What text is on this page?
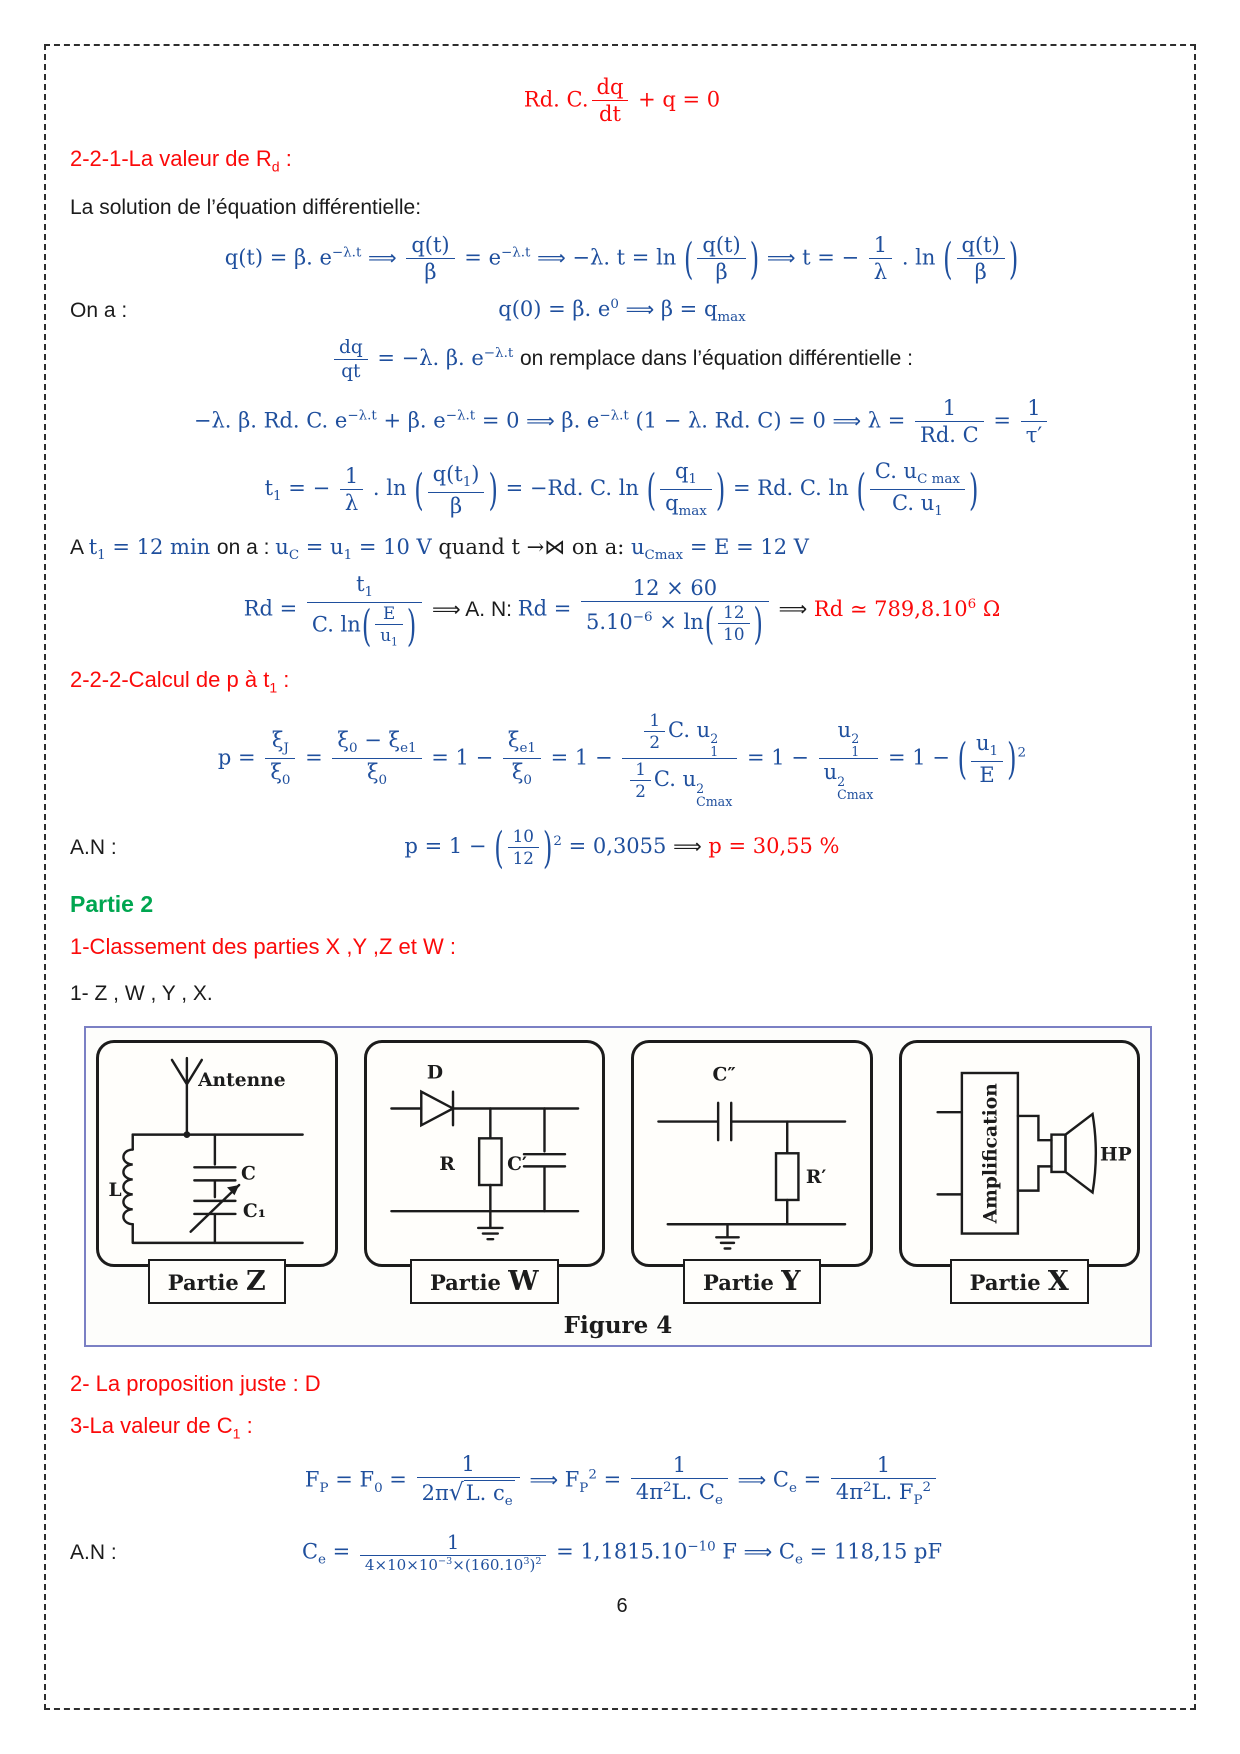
Rd. C. $\frac{dq}{dt} + q = 0$
2-2-1-La valeur de $R_d$ :
La solution de l’équation différentielle:
q(t) = β. $e^{-\lambda.t}$ ⟹ $\frac{q(t)}{\beta} = e^{-\lambda.t}$ ⟹ −λ. t = ln ( $\frac{q(t)}{\beta}$ ) ⟹ t = − $\frac{1}{\lambda}$ . ln ( $\frac{q(t)}{\beta}$ )
On a :	q(0) = β. $e^0$ ⟹ $\beta = q_{max}$
$\frac{dq}{qt} = -\lambda$. β. $e^{-\lambda.t}$ on remplace dans l’équation différentielle :
−λ. β. Rd. C. $e^{-\lambda.t} + \beta$. $e^{-\lambda.t} = 0$ ⟹ β. $e^{-\lambda.t}$ (1 − λ. Rd. C) = 0 ⟹ $\lambda = \frac{1}{Rd. C} = \frac{1}{\tau'}$
$t_1$ = − $\frac{1}{\lambda}$ . ln ( $\frac{q(t_1)}{\beta}$ ) = −Rd. C. ln ( $\frac{q_1}{q_{max}}$ ) = Rd. C. ln ( $\frac{C. u_{C max}}{C. u_1}$ )
A $t_1 = 12$ min on a : $u_C = u_1 = 10$ V quand t →⋈ on a: $u_{Cmax} = E = 12$ V
$Rd = \frac{t_1}{C. \ln( \frac{E}{u_1} )}$ ⟹ A. N: $Rd = \frac{12 \times 60}{5.10^{-6} \times \ln( \frac{12}{10} )}$ ⟹ Rd ≃ 789,8.10$^6$ Ω
2-2-2-Calcul de p à $t_1$ :
$p = \frac{\xi_J}{\xi_0} = \frac{\xi_0 - \xi_{e1}}{\xi_0} = 1 - \frac{\xi_{e1}}{\xi_0} = 1 - \frac{1}{2} C$. u 2
1
$\frac{1}{2} C$. u 2
Cmax = 1 − u 2
1
u 2
Cmax = 1 − ( $\frac{u_1}{E} )^2$
A.N :	p = 1 − ( $\frac{10}{12} )^2 = 0,3055$ ⟹ p = 30,55 %
Partie 2
1-Classement des parties X ,Y ,Z et W :
1- Z , W , Y , X.
Antenne
L
C
C₁
Partie Z
D
R	C′
Partie W
C″
R′
Partie Y
Amplification	HP
Partie X
Figure 4
2- La proposition juste : D
3-La valeur de $C_1$ :
$F_P = F_0 = \frac{1}{2\pi√L. c_e}$ ⟹ $F_P^2 = \frac{1}{4\pi^2L. C_e}$ ⟹ $C_e = \frac{1}{4\pi^2L. F_P^2}$
A.N :	$C_e = \frac{1}{4\times 10\times 10^{-3}\times(160.10^3)^2} = 1,1815.10^{-10}$ F ⟹ $C_e = 118,15$ pF
6
